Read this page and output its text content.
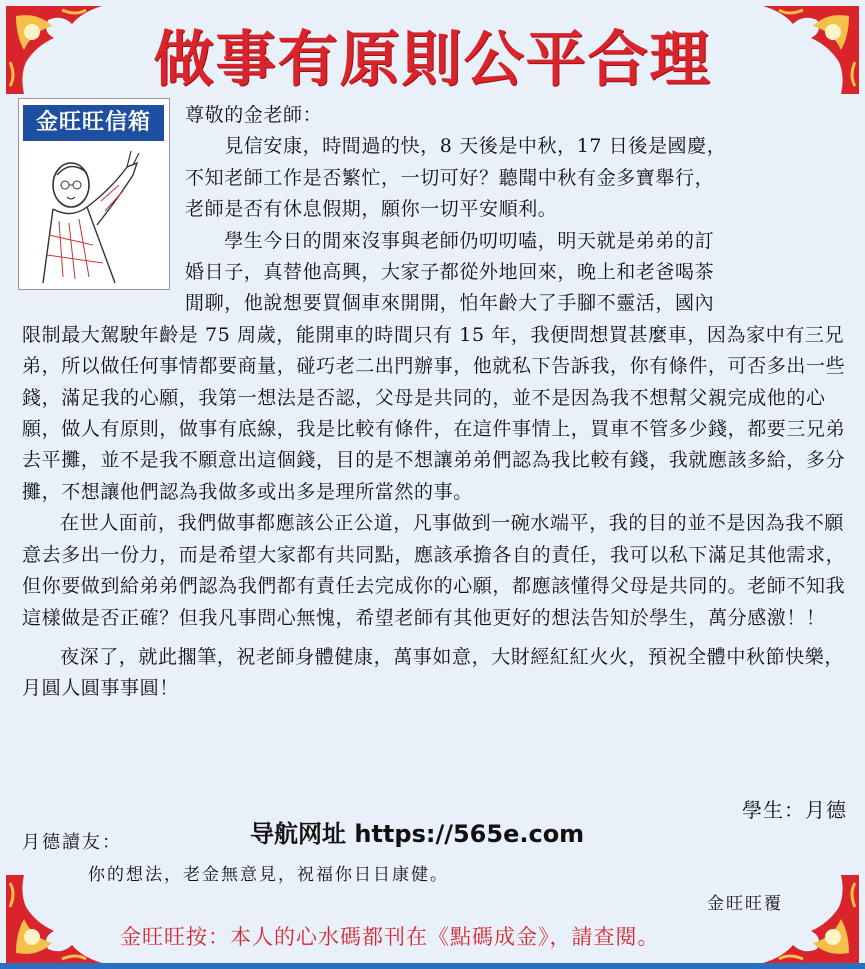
做事有原則公平合理
金旺旺信箱	尊敬的金老師：

　　見信安康，時間過的快，8 天後是中秋，17 日後是國慶，

不知老師工作是否繁忙，一切可好？聽聞中秋有金多寶舉行，

老師是否有休息假期，願你一切平安順利。

　　學生今日的閒來沒事與老師仍叨叨嗑，明天就是弟弟的訂

婚日子，真替他高興，大家子都從外地回來，晚上和老爸喝茶

閒聊，他說想要買個車來開開，怕年齡大了手腳不靈活，國內

限制最大駕駛年齡是 75 周歲，能開車的時間只有 15 年，我便問想買甚麼車，因為家中有三兄弟，所以做任何事情都要商量，碰巧老二出門辦事，他就私下告訴我，你有條件，可否多出一些錢，滿足我的心願，我第一想法是否認，父母是共同的，並不是因為我不想幫父親完成他的心願，做人有原則，做事有底線，我是比較有條件，在這件事情上，買車不管多少錢，都要三兄弟去平攤，並不是我不願意出這個錢，目的是不想讓弟弟們認為我比較有錢，我就應該多給，多分攤，不想讓他們認為我做多或出多是理所當然的事。

在世人面前，我們做事都應該公正公道，凡事做到一碗水端平，我的目的並不是因為我不願意去多出一份力，而是希望大家都有共同點，應該承擔各自的責任，我可以私下滿足其他需求，但你要做到給弟弟們認為我們都有責任去完成你的心願，都應該懂得父母是共同的。老師不知我這樣做是否正確？但我凡事問心無愧，希望老師有其他更好的想法告知於學生，萬分感激！！

夜深了，就此擱筆，祝老師身體健康，萬事如意，大財經紅紅火火，預祝全體中秋節快樂，月圓人圓事事圓！

學生：月德
导航网址 https://565e.com
月德讀友：
你的想法，老金無意見，祝福你日日康健。
金旺旺覆
金旺旺按：本人的心水碼都刊在《點碼成金》，請查閱。
